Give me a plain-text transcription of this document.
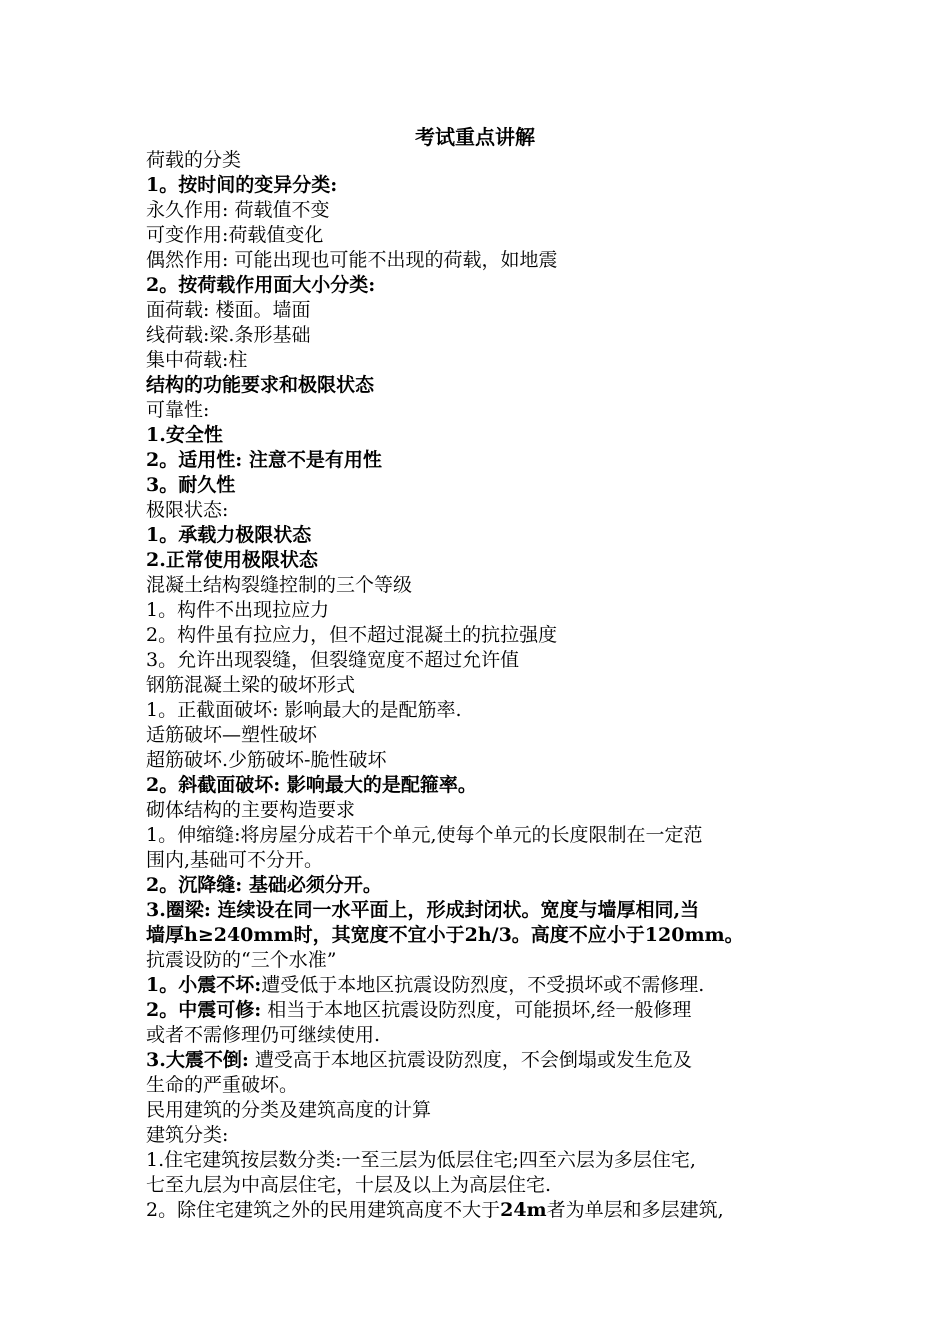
考试重点讲解
荷载的分类
1。按时间的变异分类:
永久作用: 荷载值不变
可变作用:荷载值变化
偶然作用: 可能出现也可能不出现的荷载，如地震
2。按荷载作用面大小分类:
面荷载: 楼面。墙面
线荷载:梁.条形基础
集中荷载:柱
结构的功能要求和极限状态
可靠性:
1.安全性
2。适用性: 注意不是有用性
3。耐久性
极限状态:
1。承载力极限状态
2.正常使用极限状态
混凝土结构裂缝控制的三个等级
1。构件不出现拉应力
2。构件虽有拉应力，但不超过混凝土的抗拉强度
3。允许出现裂缝，但裂缝宽度不超过允许值
钢筋混凝土梁的破坏形式
1。正截面破坏: 影响最大的是配筋率.
适筋破坏—塑性破坏
超筋破坏.少筋破坏-脆性破坏
2。斜截面破坏: 影响最大的是配箍率。
砌体结构的主要构造要求
1。伸缩缝:将房屋分成若干个单元,使每个单元的长度限制在一定范
围内,基础可不分开。
2。沉降缝: 基础必须分开。
3.圈梁: 连续设在同一水平面上，形成封闭状。宽度与墙厚相同,当
墙厚h≥240mm时，其宽度不宜小于2h/3。高度不应小于120mm。
抗震设防的“三个水准”
1。小震不坏:遭受低于本地区抗震设防烈度，不受损坏或不需修理.
2。中震可修: 相当于本地区抗震设防烈度，可能损坏,经一般修理
或者不需修理仍可继续使用.
3.大震不倒: 遭受高于本地区抗震设防烈度，不会倒塌或发生危及
生命的严重破坏。
民用建筑的分类及建筑高度的计算
建筑分类:
1.住宅建筑按层数分类:一至三层为低层住宅;四至六层为多层住宅,
七至九层为中高层住宅，十层及以上为高层住宅.
2。除住宅建筑之外的民用建筑高度不大于24m者为单层和多层建筑,
